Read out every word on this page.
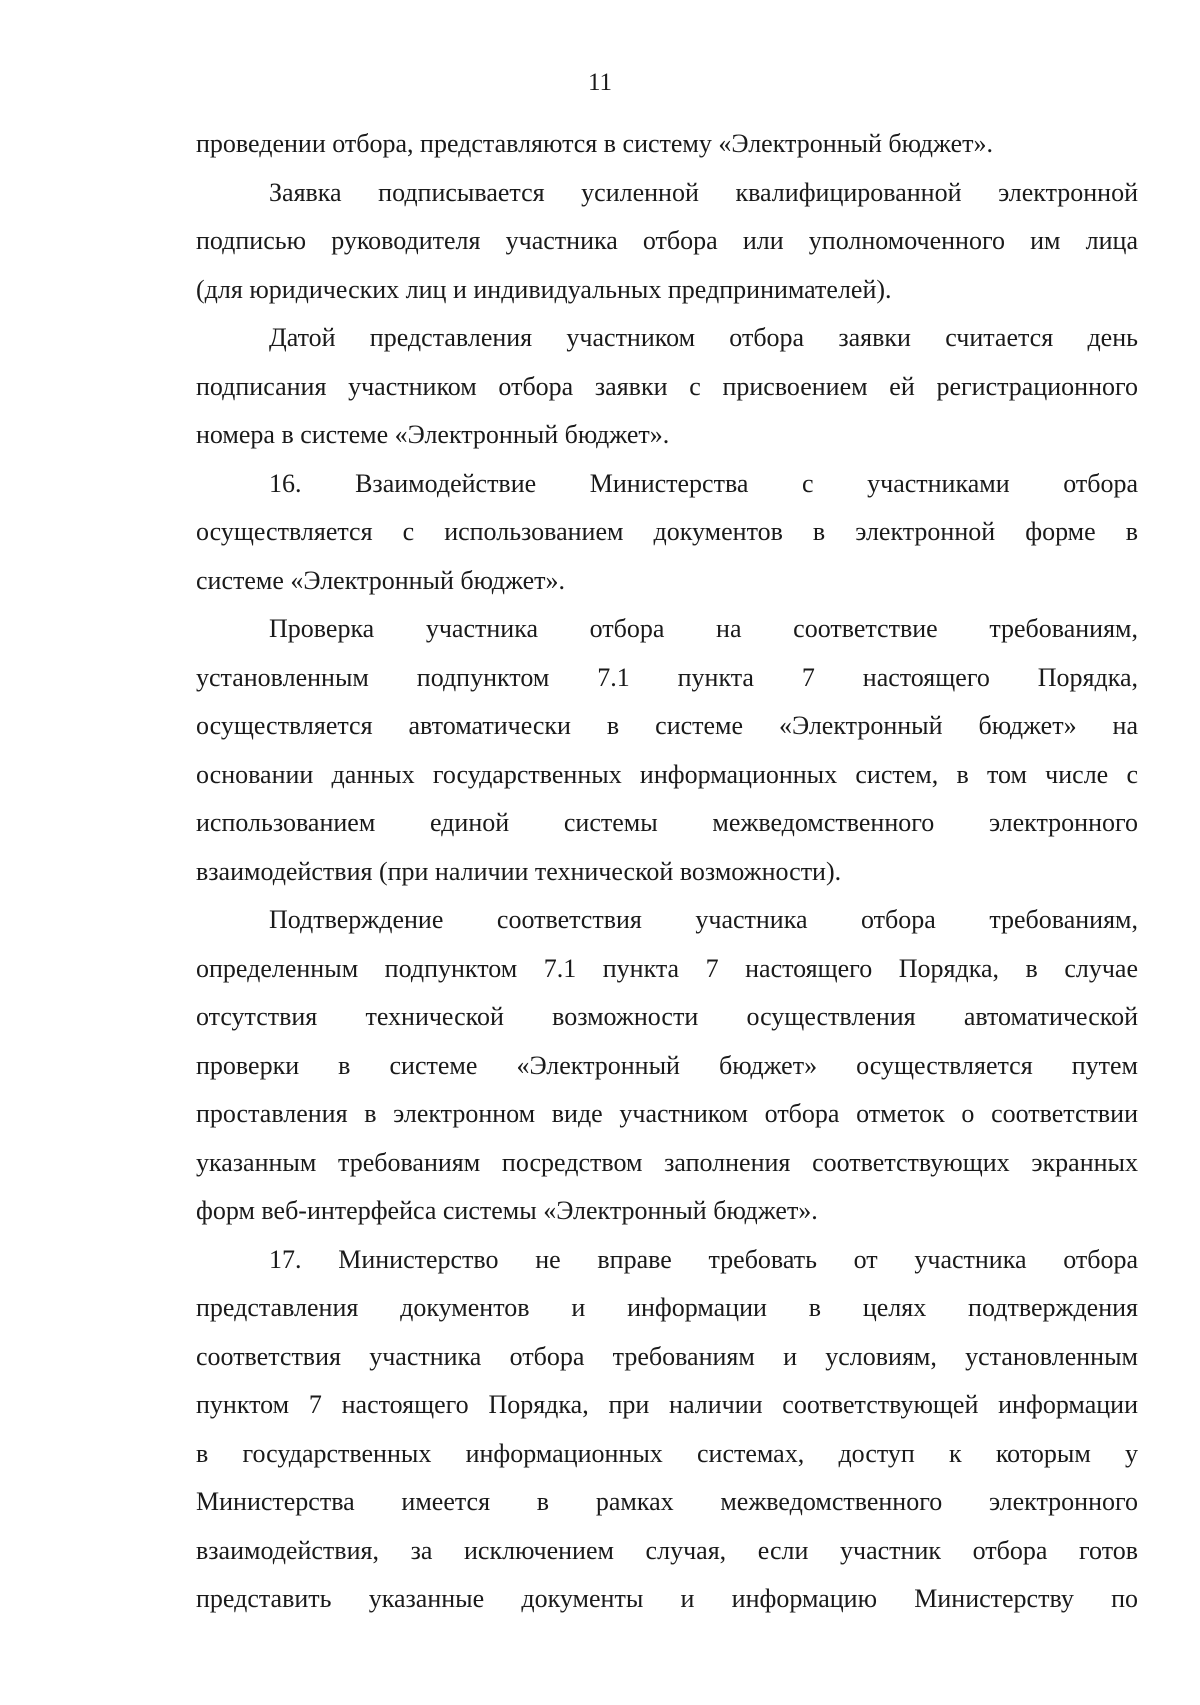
11
проведении отбора, представляются в систему «Электронный бюджет».
Заявка подписывается усиленной квалифицированной электронной
подписью руководителя участника отбора или уполномоченного им лица
(для юридических лиц и индивидуальных предпринимателей).
Датой представления участником отбора заявки считается день
подписания участником отбора заявки с присвоением ей регистрационного
номера в системе «Электронный бюджет».
16. Взаимодействие Министерства с участниками отбора
осуществляется с использованием документов в электронной форме в
системе «Электронный бюджет».
Проверка участника отбора на соответствие требованиям,
установленным подпунктом 7.1 пункта 7 настоящего Порядка,
осуществляется автоматически в системе «Электронный бюджет» на
основании данных государственных информационных систем, в том числе с
использованием единой системы межведомственного электронного
взаимодействия (при наличии технической возможности).
Подтверждение соответствия участника отбора требованиям,
определенным подпунктом 7.1 пункта 7 настоящего Порядка, в случае
отсутствия технической возможности осуществления автоматической
проверки в системе «Электронный бюджет» осуществляется путем
проставления в электронном виде участником отбора отметок о соответствии
указанным требованиям посредством заполнения соответствующих экранных
форм веб-интерфейса системы «Электронный бюджет».
17. Министерство не вправе требовать от участника отбора
представления документов и информации в целях подтверждения
соответствия участника отбора требованиям и условиям, установленным
пунктом 7 настоящего Порядка, при наличии соответствующей информации
в государственных информационных системах, доступ к которым у
Министерства имеется в рамках межведомственного электронного
взаимодействия, за исключением случая, если участник отбора готов
представить указанные документы и информацию Министерству по
